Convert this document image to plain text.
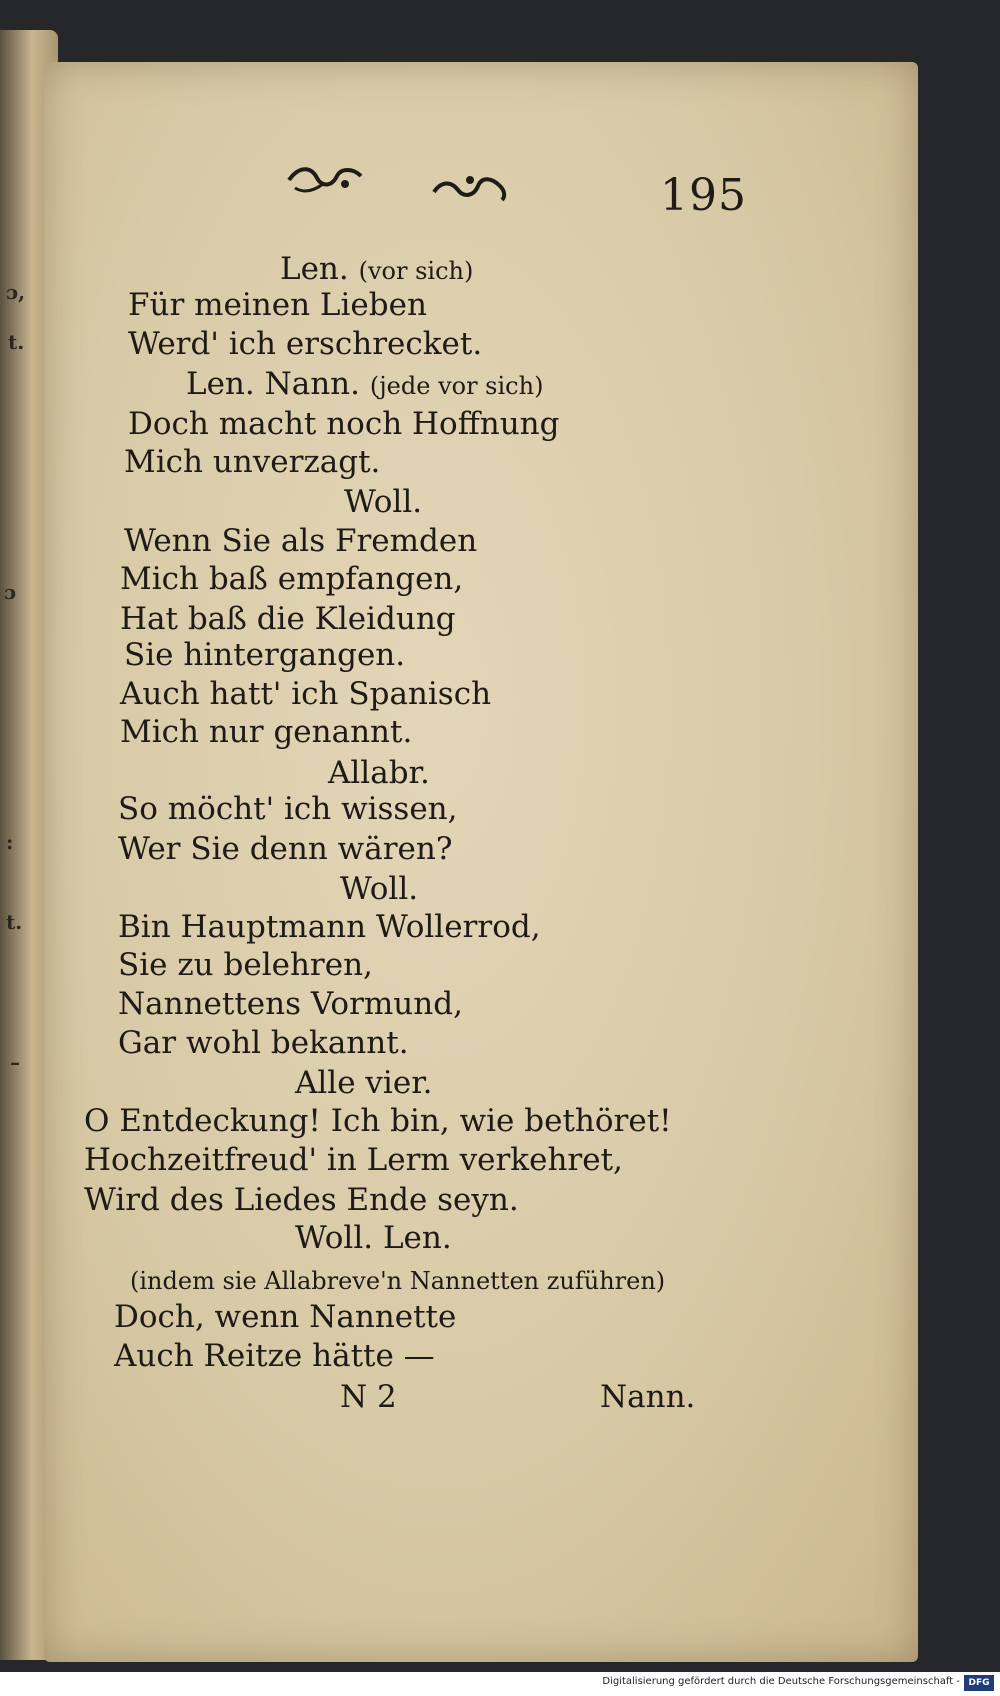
ɔ,
t.
ɔ
:
t.
–
195
Len. (vor sich)
Für meinen Lieben
Werd' ich erschrecket.
Len. Nann. (jede vor sich)
Doch macht noch Hoffnung
Mich unverzagt.
Woll.
Wenn Sie als Fremden
Mich baß empfangen,
Hat baß die Kleidung
Sie hintergangen.
Auch hatt' ich Spanisch
Mich nur genannt.
Allabr.
So möcht' ich wissen,
Wer Sie denn wären?
Woll.
Bin Hauptmann Wollerrod,
Sie zu belehren,
Nannettens Vormund,
Gar wohl bekannt.
Alle vier.
O Entdeckung! Ich bin, wie bethöret!
Hochzeitfreud' in Lerm verkehret,
Wird des Liedes Ende seyn.
Woll. Len.
(indem sie Allabreve'n Nannetten zuführen)
Doch, wenn Nannette
Auch Reitze hätte —
N 2	Nann.
Digitalisierung gefördert durch die Deutsche Forschungsgemeinschaft - DFG
